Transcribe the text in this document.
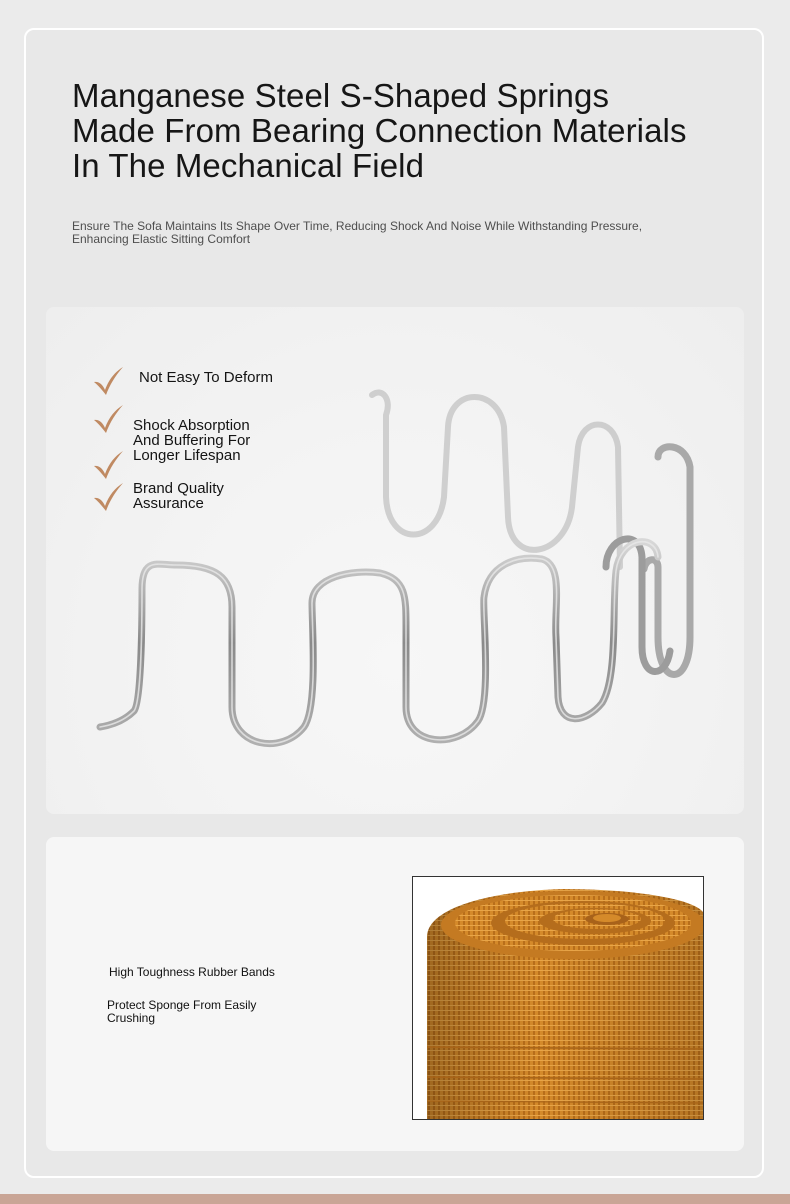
Manganese Steel S-Shaped Springs Made From Bearing Connection Materials In The Mechanical Field

Ensure The Sofa Maintains Its Shape Over Time, Reducing Shock And Noise While Withstanding Pressure, Enhancing Elastic Sitting Comfort

Not Easy To Deform
Shock Absorption And Buffering For Longer Lifespan
Brand Quality Assurance
High Toughness Rubber Bands
Protect Sponge From Easily Crushing
